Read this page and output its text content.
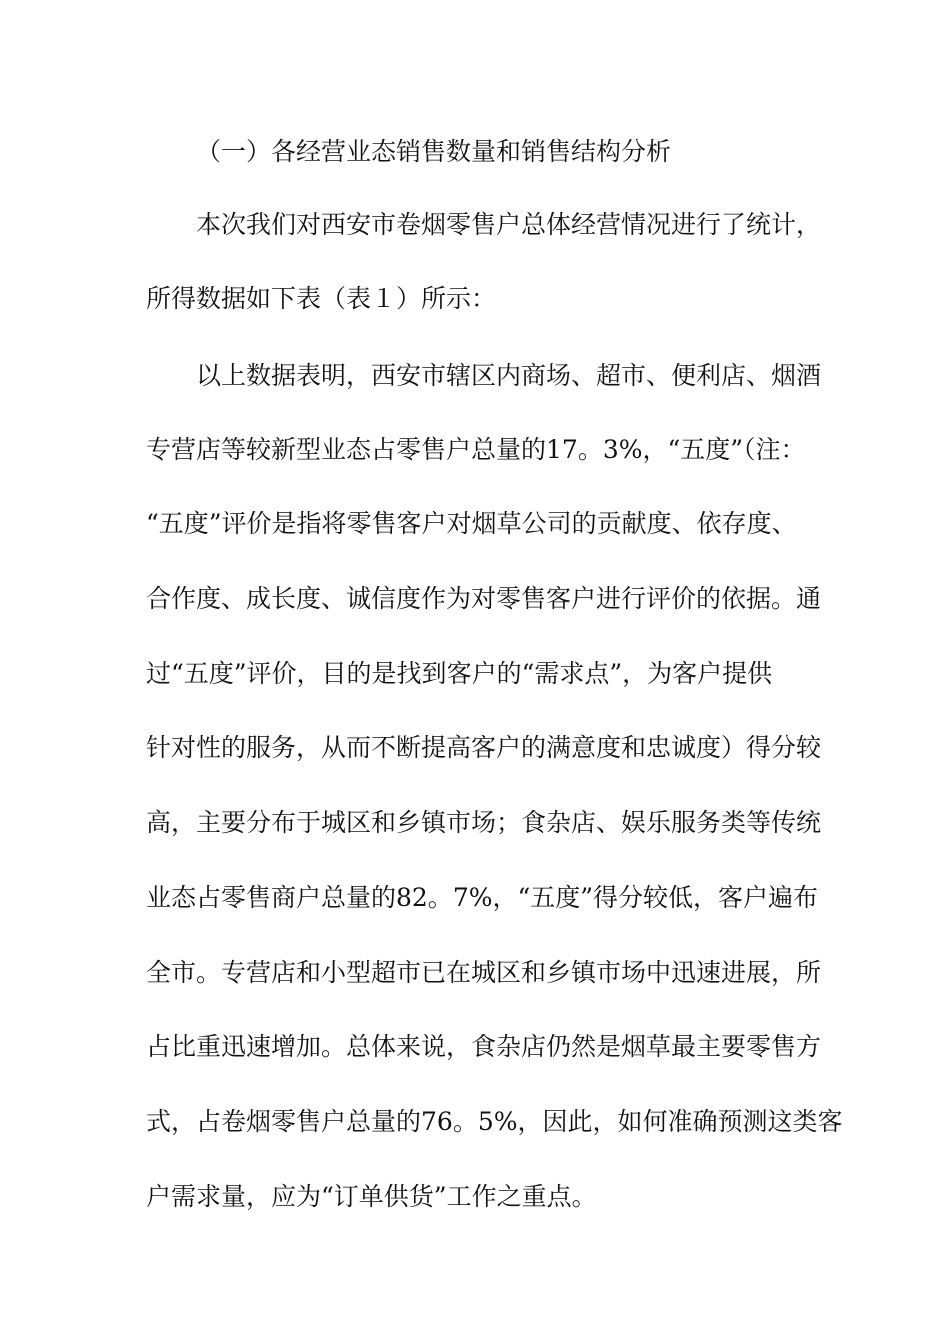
（一）各经营业态销售数量和销售结构分析
本次我们对西安市卷烟零售户总体经营情况进行了统计，
所得数据如下表（表１）所示：
以上数据表明，西安市辖区内商场、超市、便利店、烟酒
专营店等较新型业态占零售户总量的17。3%，“五度”（注：
“五度”评价是指将零售客户对烟草公司的贡献度、依存度、
合作度、成长度、诚信度作为对零售客户进行评价的依据。通
过“五度”评价，目的是找到客户的“需求点”，为客户提供
针对性的服务，从而不断提高客户的满意度和忠诚度）得分较
高，主要分布于城区和乡镇市场；食杂店、娱乐服务类等传统
业态占零售商户总量的82。7%，“五度”得分较低，客户遍布
全市。专营店和小型超市已在城区和乡镇市场中迅速进展，所
占比重迅速增加。总体来说，食杂店仍然是烟草最主要零售方
式，占卷烟零售户总量的76。5%，因此，如何准确预测这类客
户需求量，应为“订单供货”工作之重点。
